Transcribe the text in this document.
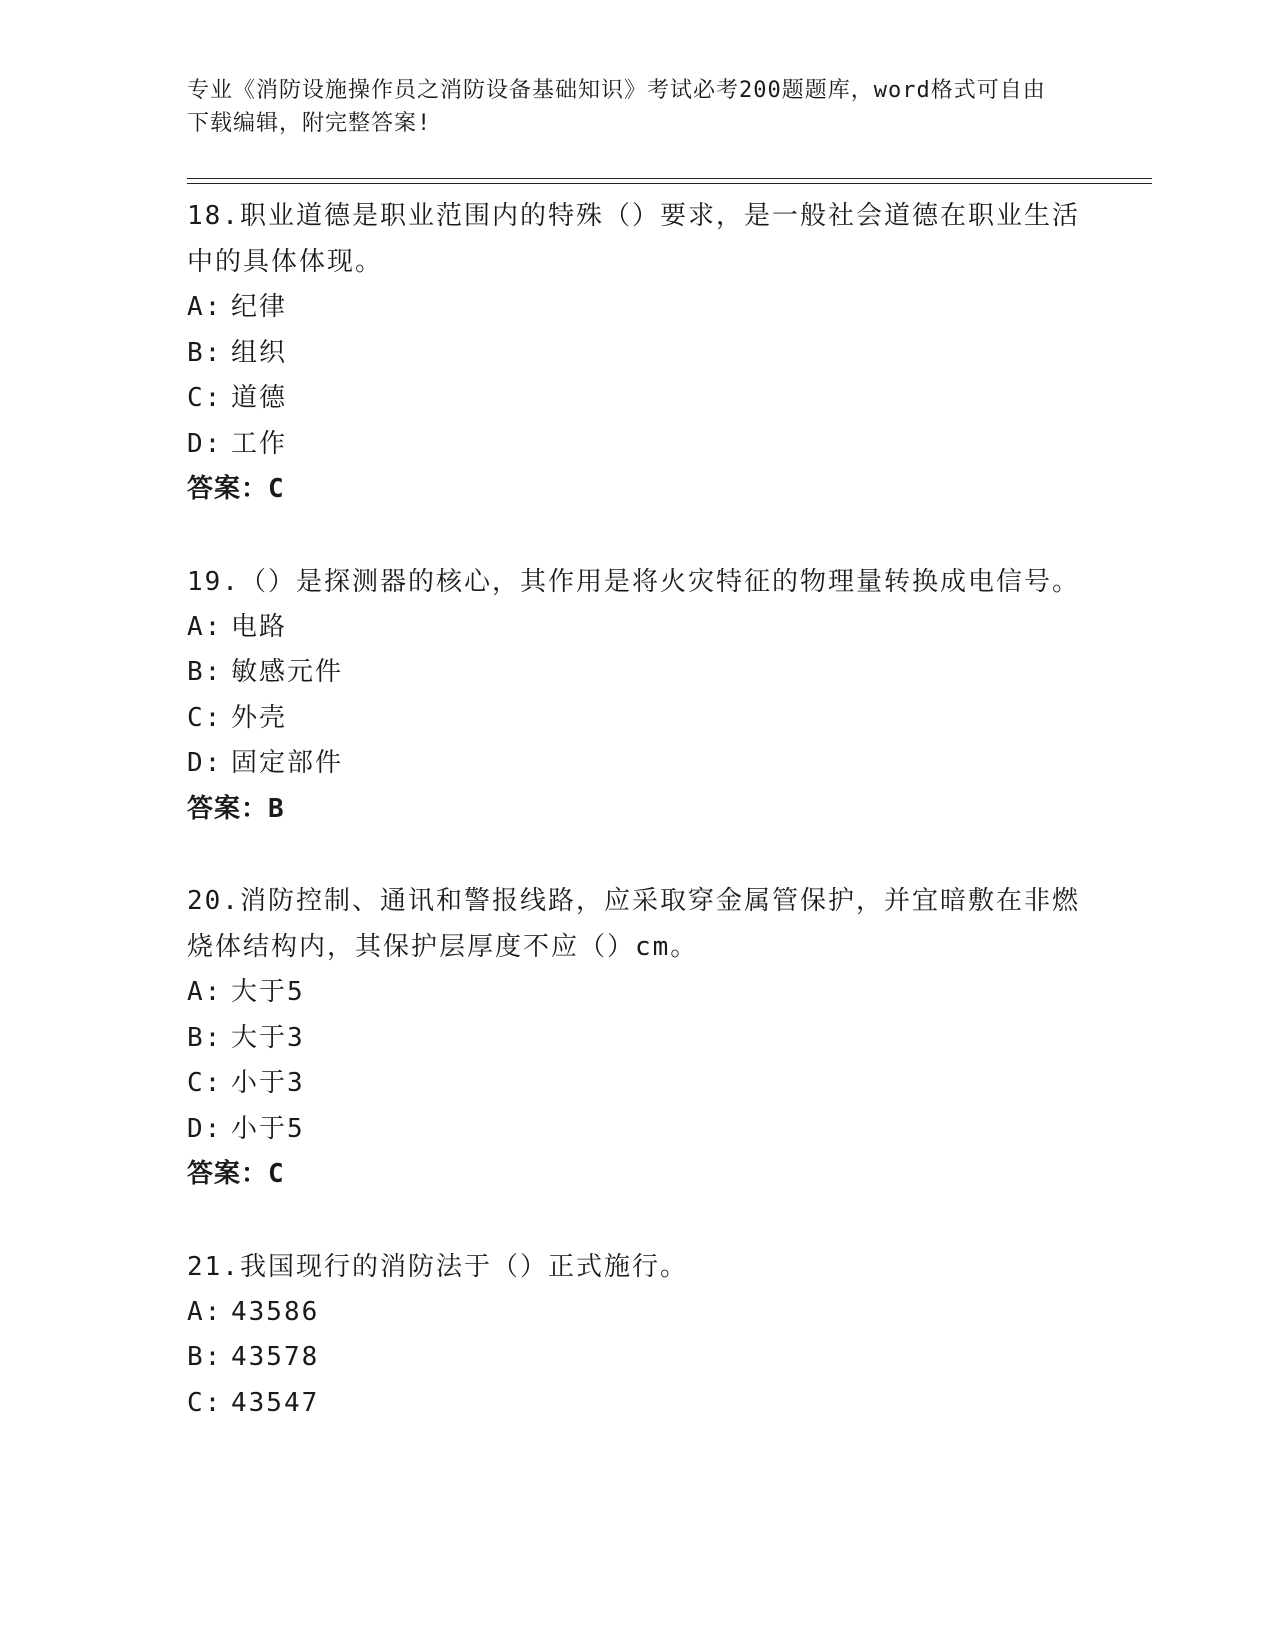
专业《消防设施操作员之消防设备基础知识》考试必考200题题库，word格式可自由下载编辑，附完整答案!

18.职业道德是职业范围内的特殊（）要求，是一般社会道德在职业生活中的具体体现。

A: 纪律

B: 组织

C: 道德

D: 工作

答案：C

19.（）是探测器的核心，其作用是将火灾特征的物理量转换成电信号。

A: 电路

B: 敏感元件

C: 外壳

D: 固定部件

答案：B

20.消防控制、通讯和警报线路，应采取穿金属管保护，并宜暗敷在非燃烧体结构内，其保护层厚度不应（）cm。

A: 大于5

B: 大于3

C: 小于3

D: 小于5

答案：C

21.我国现行的消防法于（）正式施行。

A: 43586

B: 43578

C: 43547
